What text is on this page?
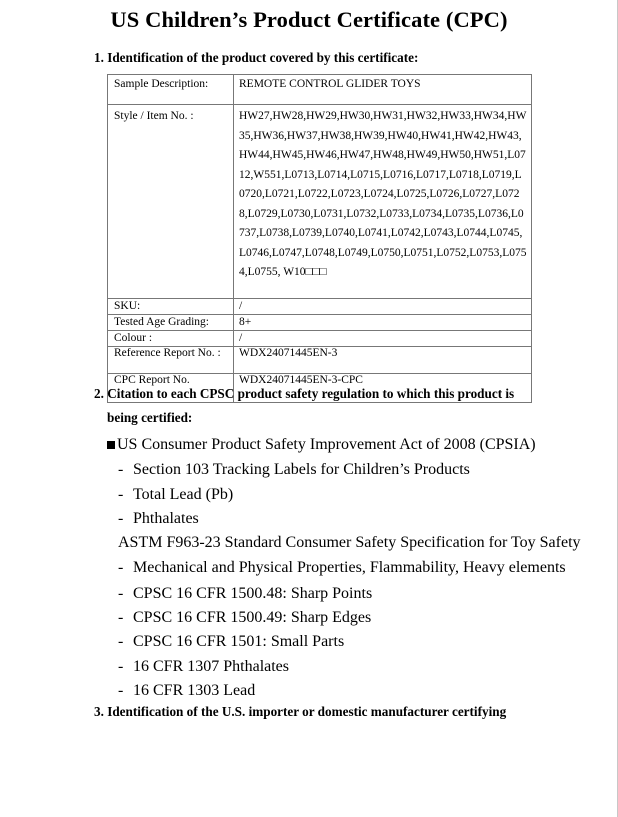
US Children’s Product Certificate (CPC)
1. Identification of the product covered by this certificate:
Sample Description:	REMOTE CONTROL GLIDER TOYS
Style / Item No. :	HW27,HW28,HW29,HW30,HW31,HW32,HW33,HW34,HW35,HW36,HW37,HW38,HW39,HW40,HW41,HW42,HW43,HW44,HW45,HW46,HW47,HW48,HW49,HW50,HW51,L0712,W551,L0713,L0714,L0715,L0716,L0717,L0718,L0719,L0720,L0721,L0722,L0723,L0724,L0725,L0726,L0727,L0728,L0729,L0730,L0731,L0732,L0733,L0734,L0735,L0736,L0737,L0738,L0739,L0740,L0741,L0742,L0743,L0744,L0745,L0746,L0747,L0748,L0749,L0750,L0751,L0752,L0753,L0754,L0755, W10□□□
SKU:	/
Tested Age Grading:	8+
Colour :	/
Reference Report No. :	WDX24071445EN-3
CPC Report No.	WDX24071445EN-3-CPC
2. Citation to each CPSC product safety regulation to which this product is
being certified:
US Consumer Product Safety Improvement Act of 2008 (CPSIA)
- Section 103 Tracking Labels for Children’s Products
- Total Lead (Pb)
- Phthalates
ASTM F963-23 Standard Consumer Safety Specification for Toy Safety
- Mechanical and Physical Properties, Flammability, Heavy elements
- CPSC 16 CFR 1500.48: Sharp Points
- CPSC 16 CFR 1500.49: Sharp Edges
- CPSC 16 CFR 1501: Small Parts
- 16 CFR 1307 Phthalates
- 16 CFR 1303 Lead
3. Identification of the U.S. importer or domestic manufacturer certifying
